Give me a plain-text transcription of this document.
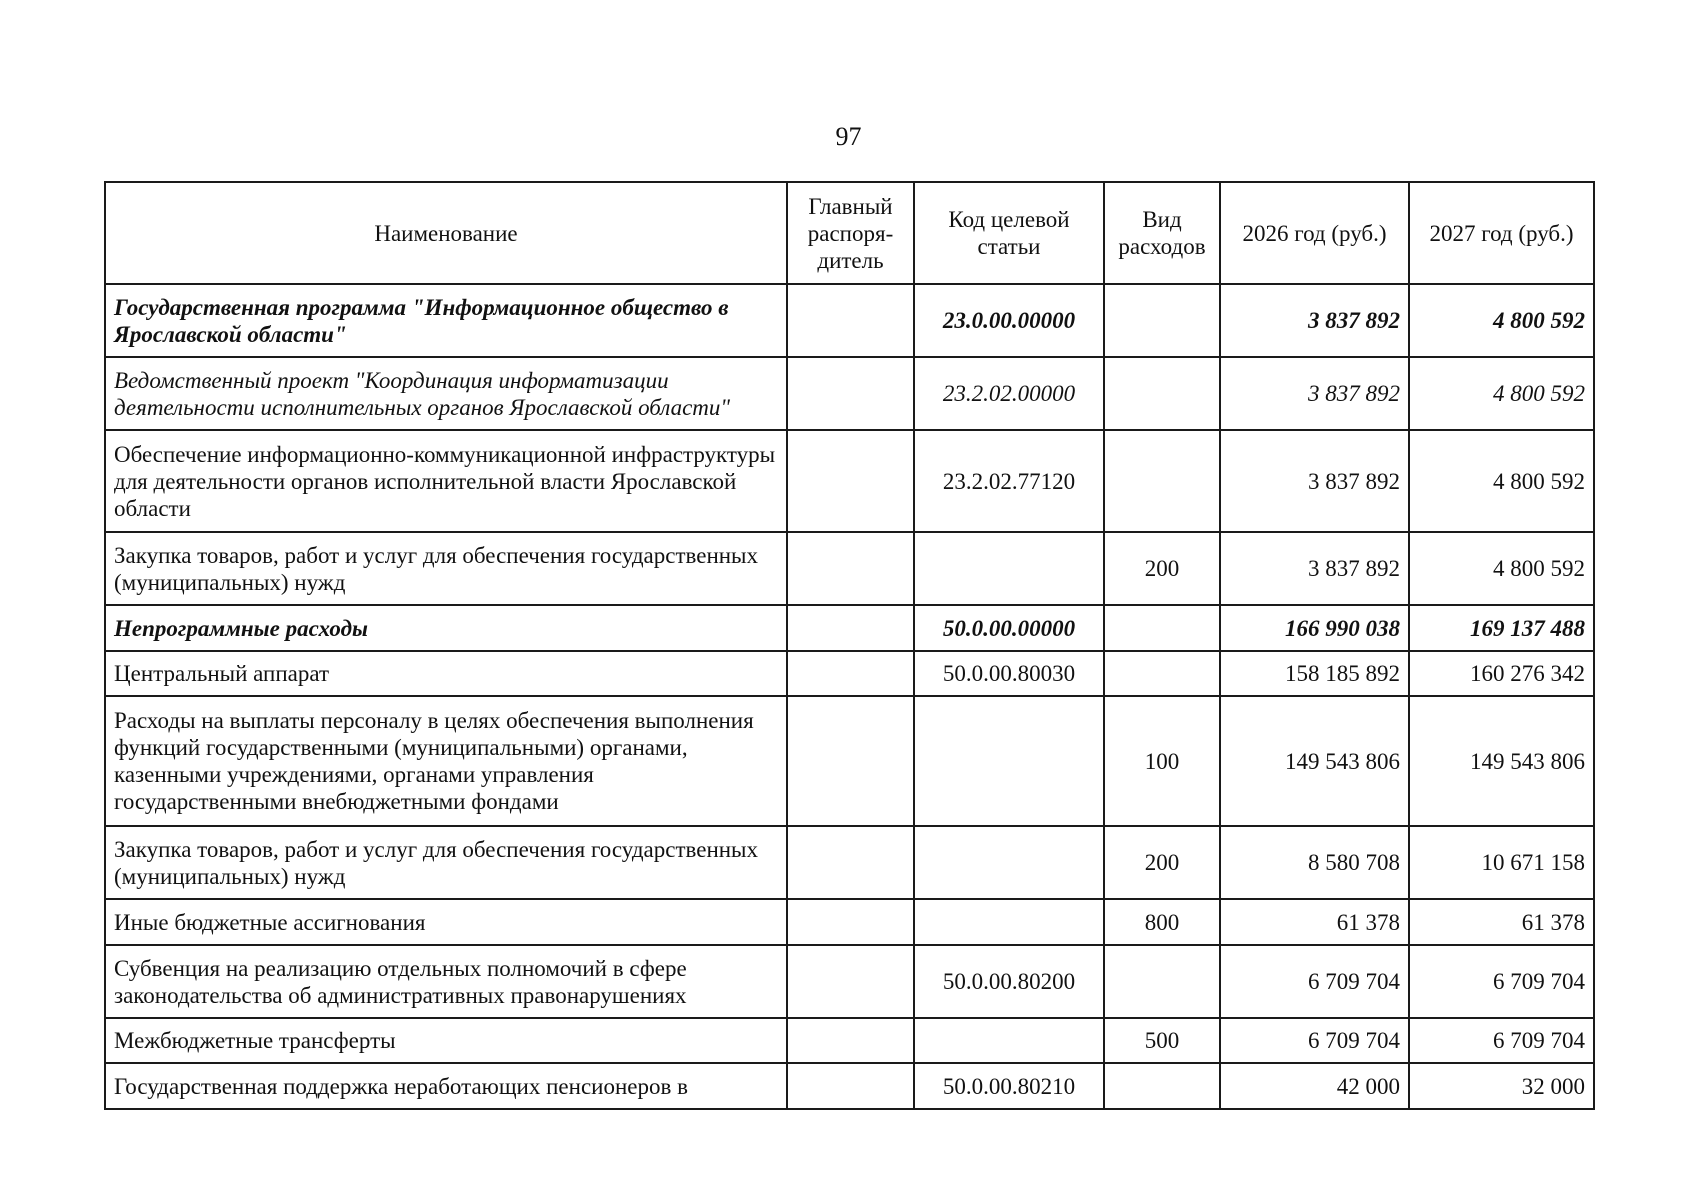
97
Наименование	Главный распоря-дитель	Код целевой статьи	Вид расходов	2026 год (руб.)	2027 год (руб.)
Государственная программа "Информационное общество в Ярославской области"		23.0.00.00000		3 837 892	4 800 592
Ведомственный проект "Координация информатизации деятельности исполнительных органов Ярославской области"		23.2.02.00000		3 837 892	4 800 592
Обеспечение информационно-коммуникационной инфраструктуры для деятельности органов исполнительной власти Ярославской области		23.2.02.77120		3 837 892	4 800 592
Закупка товаров, работ и услуг для обеспечения государственных (муниципальных) нужд			200	3 837 892	4 800 592
Непрограммные расходы		50.0.00.00000		166 990 038	169 137 488
Центральный аппарат		50.0.00.80030		158 185 892	160 276 342
Расходы на выплаты персоналу в целях обеспечения выполнения функций государственными (муниципальными) органами, казенными учреждениями, органами управления государственными внебюджетными фондами			100	149 543 806	149 543 806
Закупка товаров, работ и услуг для обеспечения государственных (муниципальных) нужд			200	8 580 708	10 671 158
Иные бюджетные ассигнования			800	61 378	61 378
Субвенция на реализацию отдельных полномочий в сфере законодательства об административных правонарушениях		50.0.00.80200		6 709 704	6 709 704
Межбюджетные трансферты			500	6 709 704	6 709 704
Государственная поддержка неработающих пенсионеров в		50.0.00.80210		42 000	32 000
